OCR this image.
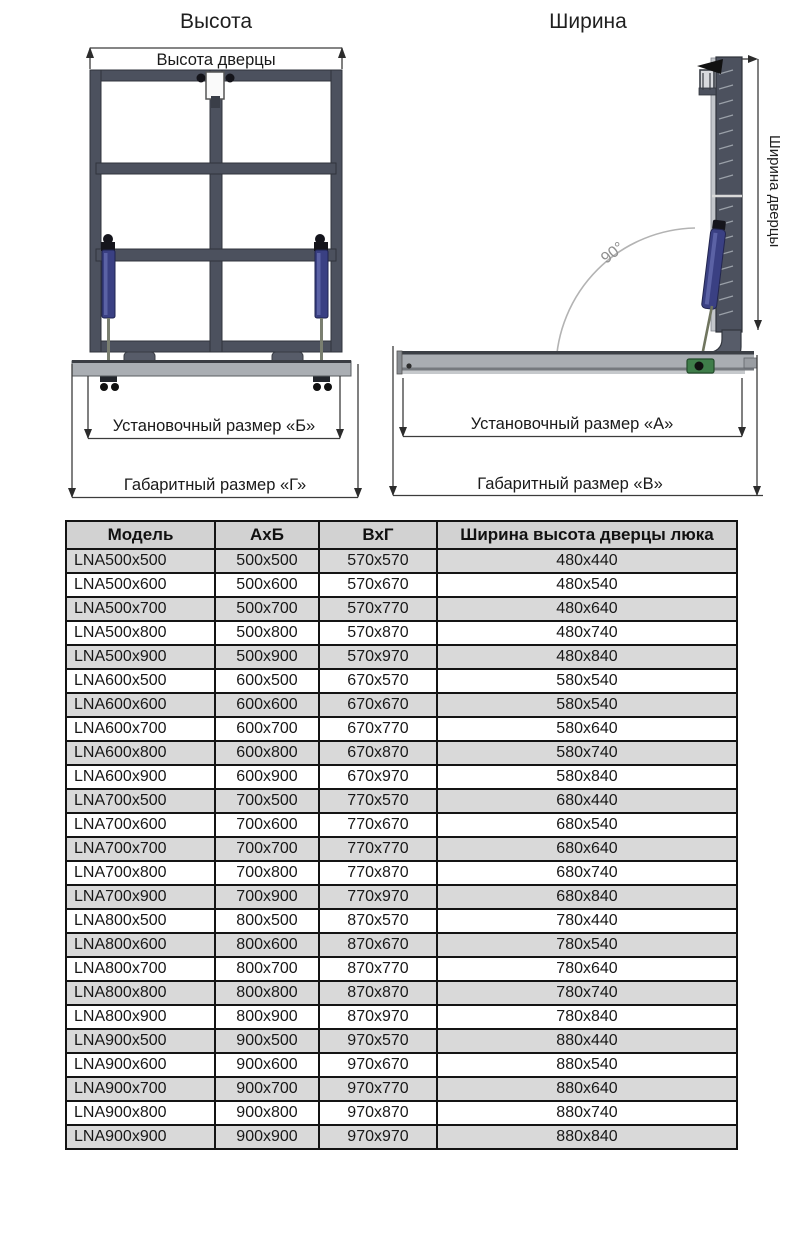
Высота
Высота дверцы
Установочный размер «Б»
Габаритный размер «Г»
Ширина
90°
Ширина дверцы
Установочный размер «А»
Габаритный размер «В»
Модель	АхБ	ВхГ	Ширина высота дверцы люка
LNA500x500	500x500	570x570	480x440
LNA500x600	500x600	570x670	480x540
LNA500x700	500x700	570x770	480x640
LNA500x800	500x800	570x870	480x740
LNA500x900	500x900	570x970	480x840
LNA600x500	600x500	670x570	580x540
LNA600x600	600x600	670x670	580x540
LNA600x700	600x700	670x770	580x640
LNA600x800	600x800	670x870	580x740
LNA600x900	600x900	670x970	580x840
LNA700x500	700x500	770x570	680x440
LNA700x600	700x600	770x670	680x540
LNA700x700	700x700	770x770	680x640
LNA700x800	700x800	770x870	680x740
LNA700x900	700x900	770x970	680x840
LNA800x500	800x500	870x570	780x440
LNA800x600	800x600	870x670	780x540
LNA800x700	800x700	870x770	780x640
LNA800x800	800x800	870x870	780x740
LNA800x900	800x900	870x970	780x840
LNA900x500	900x500	970x570	880x440
LNA900x600	900x600	970x670	880x540
LNA900x700	900x700	970x770	880x640
LNA900x800	900x800	970x870	880x740
LNA900x900	900x900	970x970	880x840
